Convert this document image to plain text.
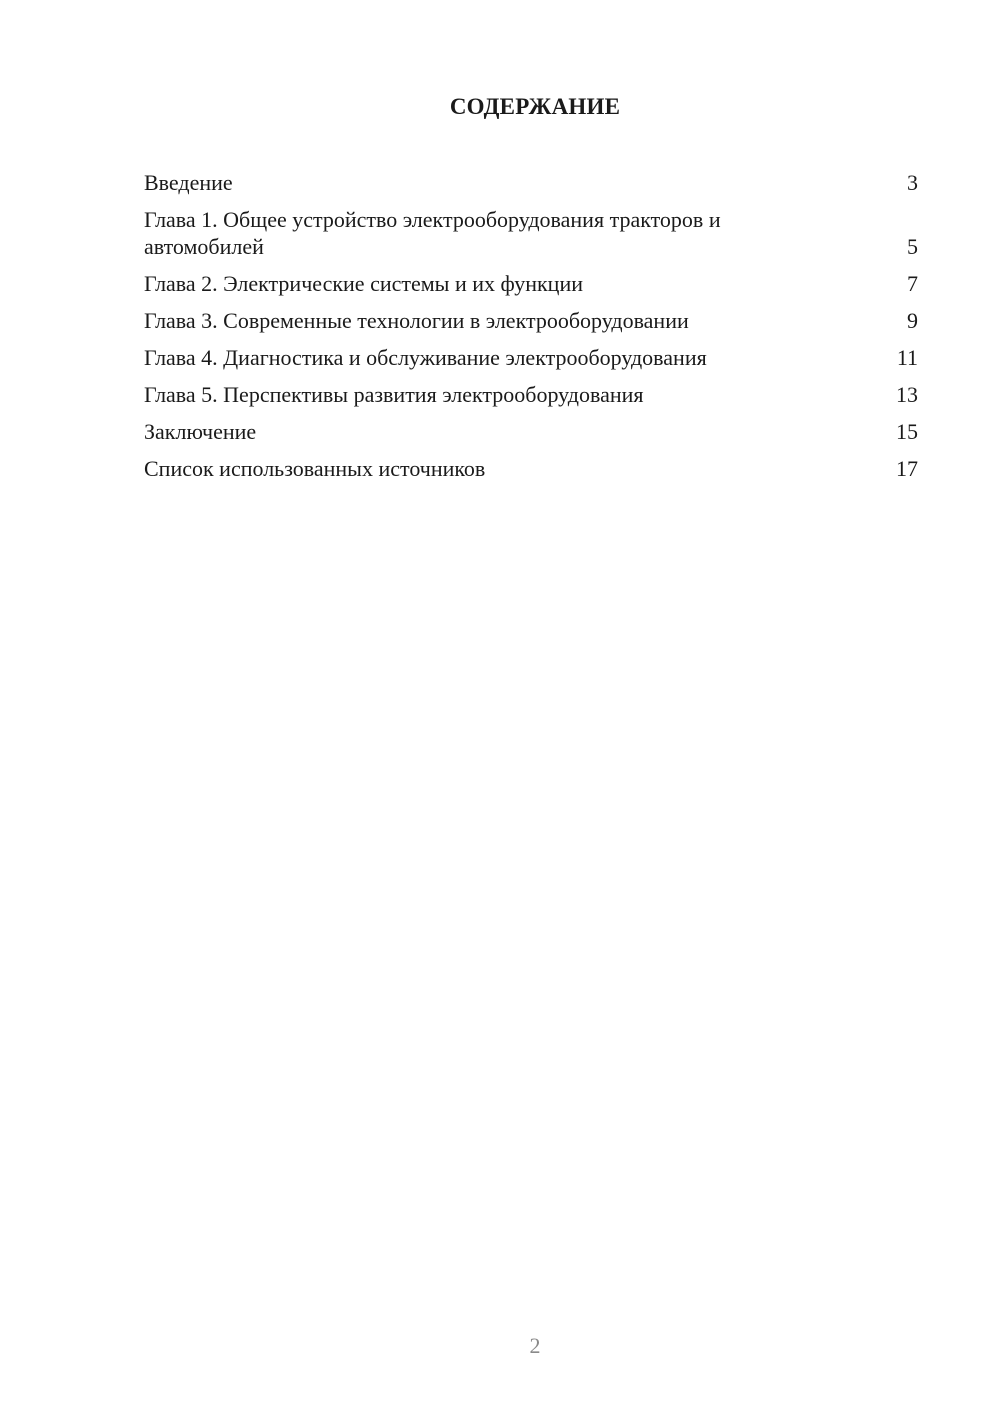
СОДЕРЖАНИЕ
Введение	3
Глава 1. Общее устройство электрооборудования тракторов и автомобилей	5
Глава 2. Электрические системы и их функции	7
Глава 3. Современные технологии в электрооборудовании	9
Глава 4. Диагностика и обслуживание электрооборудования	11
Глава 5. Перспективы развития электрооборудования	13
Заключение	15
Список использованных источников	17
2
